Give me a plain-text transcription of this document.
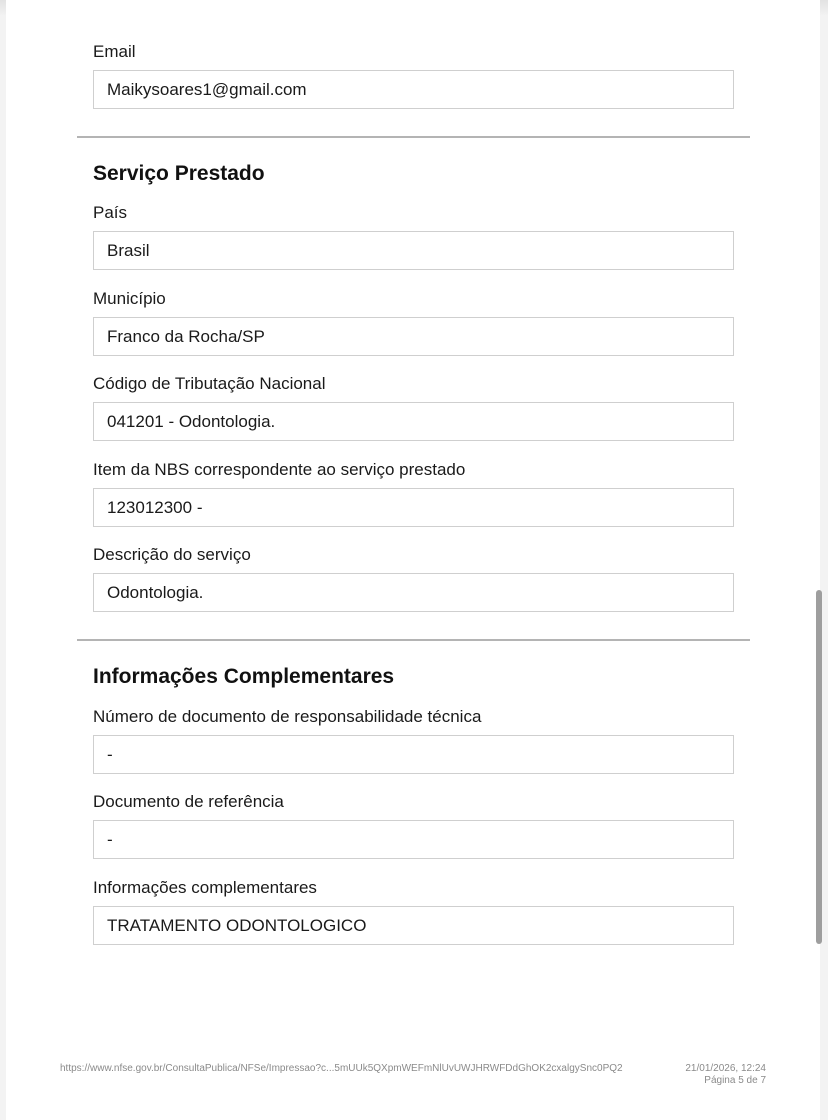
Email
Maikysoares1@gmail.com
Serviço Prestado
País
Brasil
Município
Franco da Rocha/SP
Código de Tributação Nacional
041201 - Odontologia.
Item da NBS correspondente ao serviço prestado
123012300 -
Descrição do serviço
Odontologia.
Informações Complementares
Número de documento de responsabilidade técnica
-
Documento de referência
-
Informações complementares
TRATAMENTO ODONTOLOGICO
https://www.nfse.gov.br/ConsultaPublica/NFSe/Impressao?c...5mUUk5QXpmWEFmNlUvUWJHRWFDdGhOK2cxalgySnc0PQ2	21/01/2026, 12:24
Página 5 de 7
